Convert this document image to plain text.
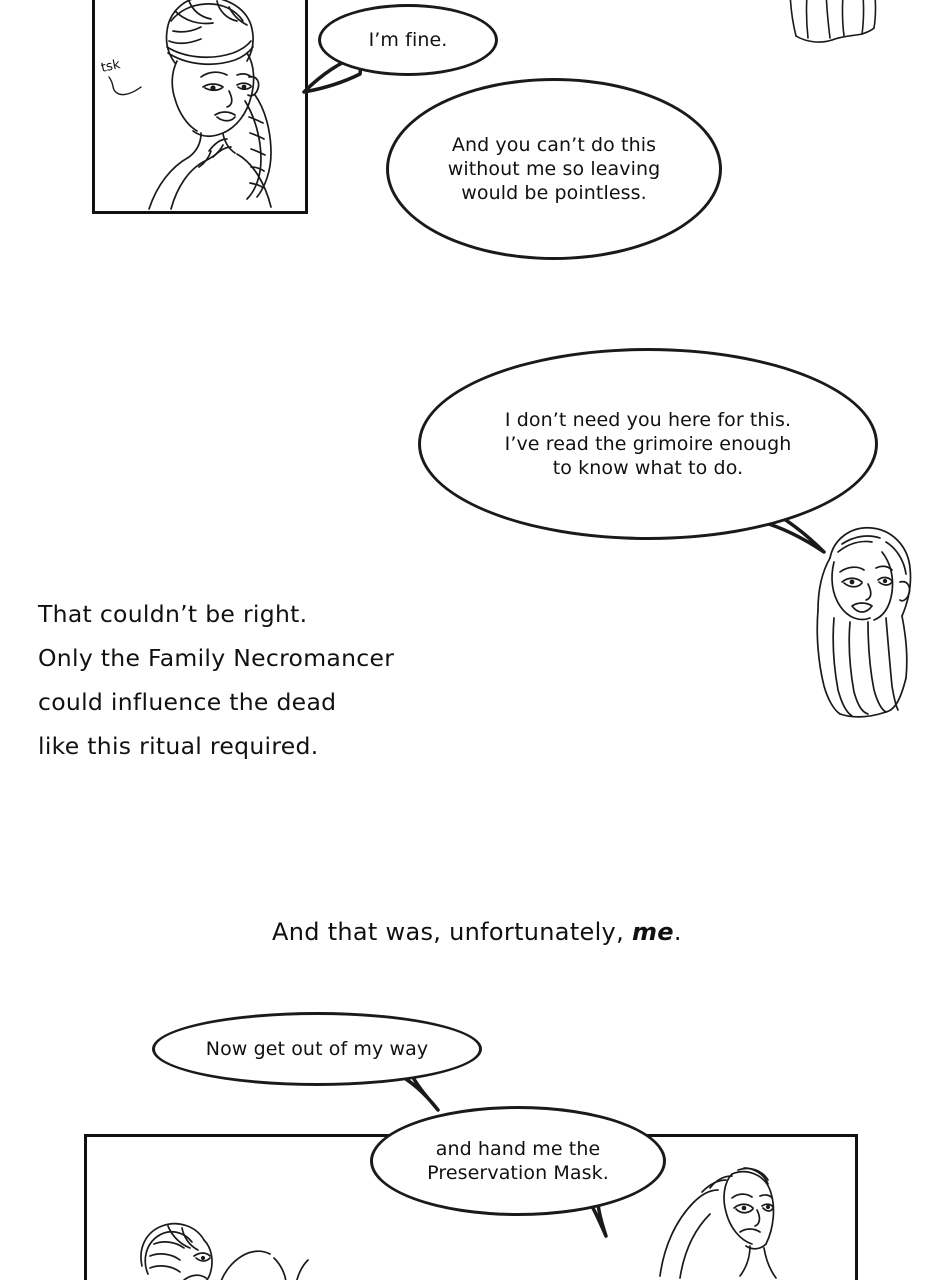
tsk
I’m fine.
And you can’t do this
without me so leaving
would be pointless.
I don’t need you here for this.
I’ve read the grimoire enough
to know what to do.
That couldn’t be right.
Only the Family Necromancer
could influence the dead
like this ritual required.
And that was, unfortunately, me.
Now get out of my way
and hand me the
Preservation Mask.
